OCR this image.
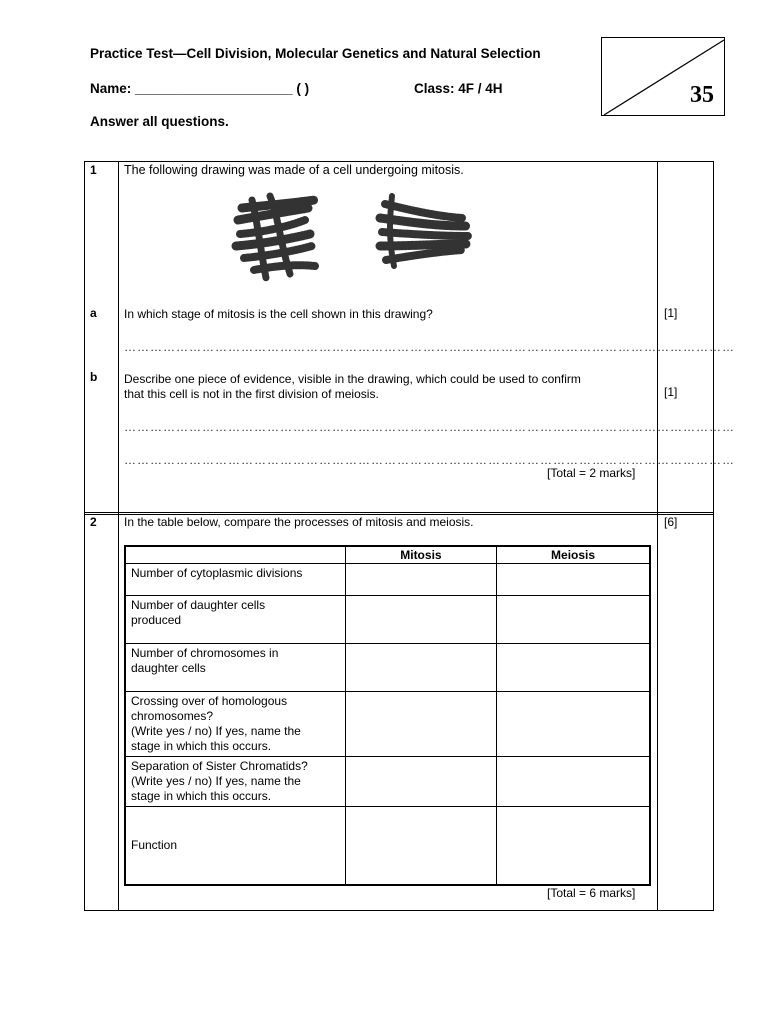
Practice Test—Cell Division, Molecular Genetics and Natural Selection
Name: _____________________ ( )	Class: 4F / 4H
Answer all questions.
35
1 The following drawing was made of a cell undergoing mitosis.
a In which stage of mitosis is the cell shown in this drawing?	[1]
……………………………………………………………………………………………………………………………
b Describe one piece of evidence, visible in the drawing, which could be used to confirm
that this cell is not in the first division of meiosis.	[1]
……………………………………………………………………………………………………………………………
……………………………………………………………………………………………………………………………
[Total = 2 marks]
2 In the table below, compare the processes of mitosis and meiosis.	[6]
	Mitosis	Meiosis

Number of cytoplasmic divisions		

Number of daughter cells
produced		

Number of chromosomes in
daughter cells		

Crossing over of homologous
chromosomes?
(Write yes / no) If yes, name the
stage in which this occurs.		

Separation of Sister Chromatids?
(Write yes / no) If yes, name the
stage in which this occurs.		

Function		

[Total = 6 marks]
